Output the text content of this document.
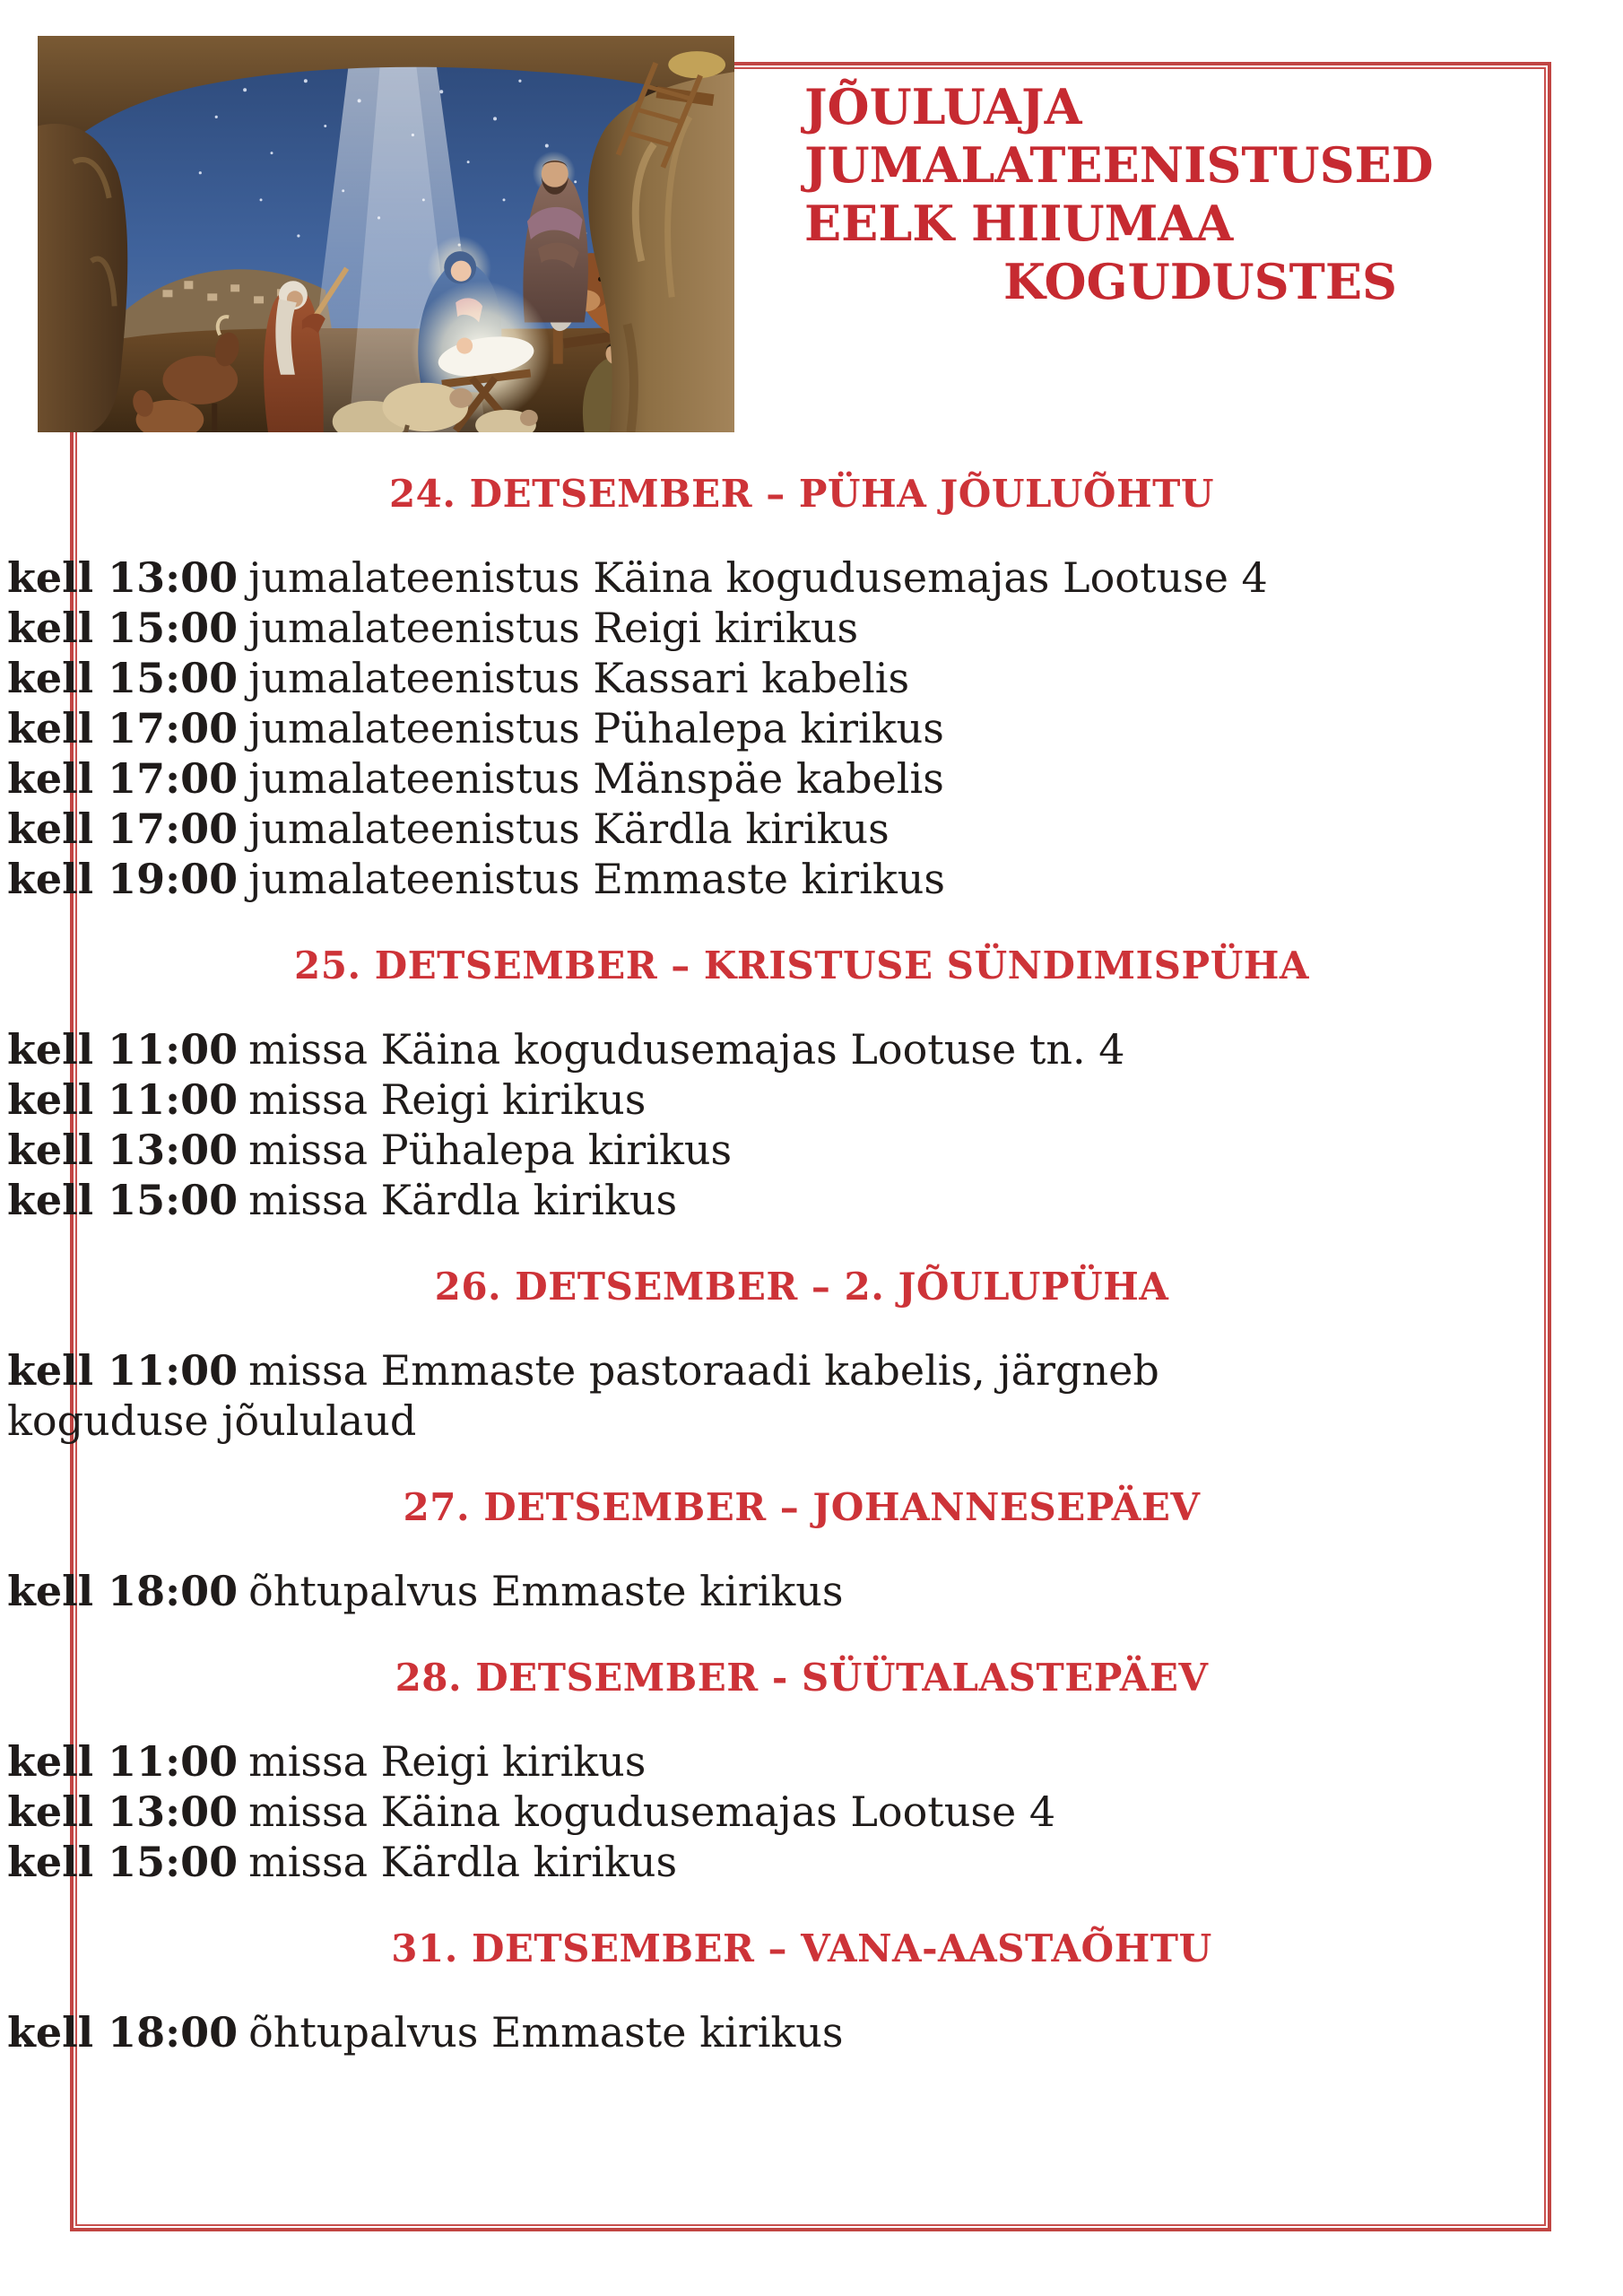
JÕULUAJA
JUMALATEENISTUSED
EELK HIIUMAA
KOGUDUSTES
24. DETSEMBER – PÜHA JÕULUÕHTU

kell 13:00 jumalateenistus Käina kogudusemajas Lootuse 4

kell 15:00 jumalateenistus Reigi kirikus

kell 15:00 jumalateenistus Kassari kabelis

kell 17:00 jumalateenistus Pühalepa kirikus

kell 17:00 jumalateenistus Mänspäe kabelis

kell 17:00 jumalateenistus Kärdla kirikus

kell 19:00 jumalateenistus Emmaste kirikus

25. DETSEMBER – KRISTUSE SÜNDIMISPÜHA

kell 11:00 missa Käina kogudusemajas Lootuse tn. 4

kell 11:00 missa Reigi kirikus

kell 13:00 missa Pühalepa kirikus

kell 15:00 missa Kärdla kirikus

26. DETSEMBER – 2. JÕULUPÜHA

kell 11:00 missa Emmaste pastoraadi kabelis, järgneb koguduse jõululaud

27. DETSEMBER – JOHANNESEPÄEV

kell 18:00 õhtupalvus Emmaste kirikus

28. DETSEMBER - SÜÜTALASTEPÄEV

kell 11:00 missa Reigi kirikus

kell 13:00 missa Käina kogudusemajas Lootuse 4

kell 15:00 missa Kärdla kirikus

31. DETSEMBER – VANA-AASTAÕHTU

kell 18:00 õhtupalvus Emmaste kirikus
